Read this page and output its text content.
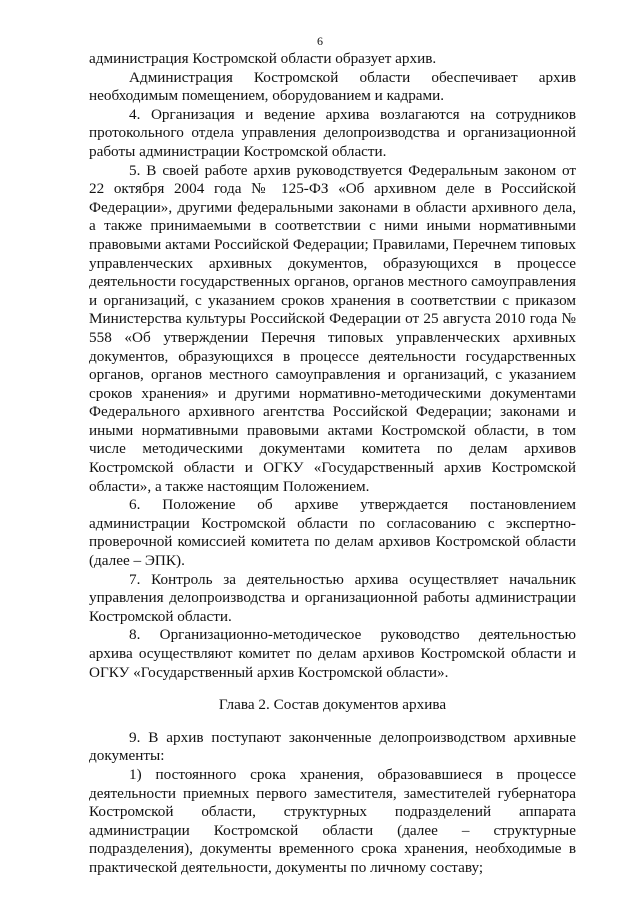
6

администрация Костромской области образует архив.

Администрация Костромской области обеспечивает архив необходимым помещением, оборудованием и кадрами.

4. Организация и ведение архива возлагаются на сотрудников протокольного отдела управления делопроизводства и организационной работы администрации Костромской области.

5. В своей работе архив руководствуется Федеральным законом от 22 октября 2004 года № 125-ФЗ «Об архивном деле в Российской Федерации», другими федеральными законами в области архивного дела, а также принимаемыми в соответствии с ними иными нормативными правовыми актами Российской Федерации; Правилами, Перечнем типовых управленческих архивных документов, образующихся в процессе деятельности государственных органов, органов местного самоуправления и организаций, с указанием сроков хранения в соответствии с приказом Министерства культуры Российской Федерации от 25 августа 2010 года № 558 «Об утверждении Перечня типовых управленческих архивных документов, образующихся в процессе деятельности государственных органов, органов местного самоуправления и организаций, с указанием сроков хранения» и другими нормативно-методическими документами Федерального архивного агентства Российской Федерации; законами и иными нормативными правовыми актами Костромской области, в том числе методическими документами комитета по делам архивов Костромской области и ОГКУ «Государственный архив Костромской области», а также настоящим Положением.

6. Положение об архиве утверждается постановлением администрации Костромской области по согласованию с экспертно-проверочной комиссией комитета по делам архивов Костромской области (далее – ЭПК).

7. Контроль за деятельностью архива осуществляет начальник управления делопроизводства и организационной работы администрации Костромской области.

8. Организационно-методическое руководство деятельностью архива осуществляют комитет по делам архивов Костромской области и ОГКУ «Государственный архив Костромской области».

Глава 2. Состав документов архива

9. В архив поступают законченные делопроизводством архивные документы:

1) постоянного срока хранения, образовавшиеся в процессе деятельности приемных первого заместителя, заместителей губернатора Костромской области, структурных подразделений аппарата администрации Костромской области (далее – структурные подразделения), документы временного срока хранения, необходимые в практической деятельности, документы по личному составу;
